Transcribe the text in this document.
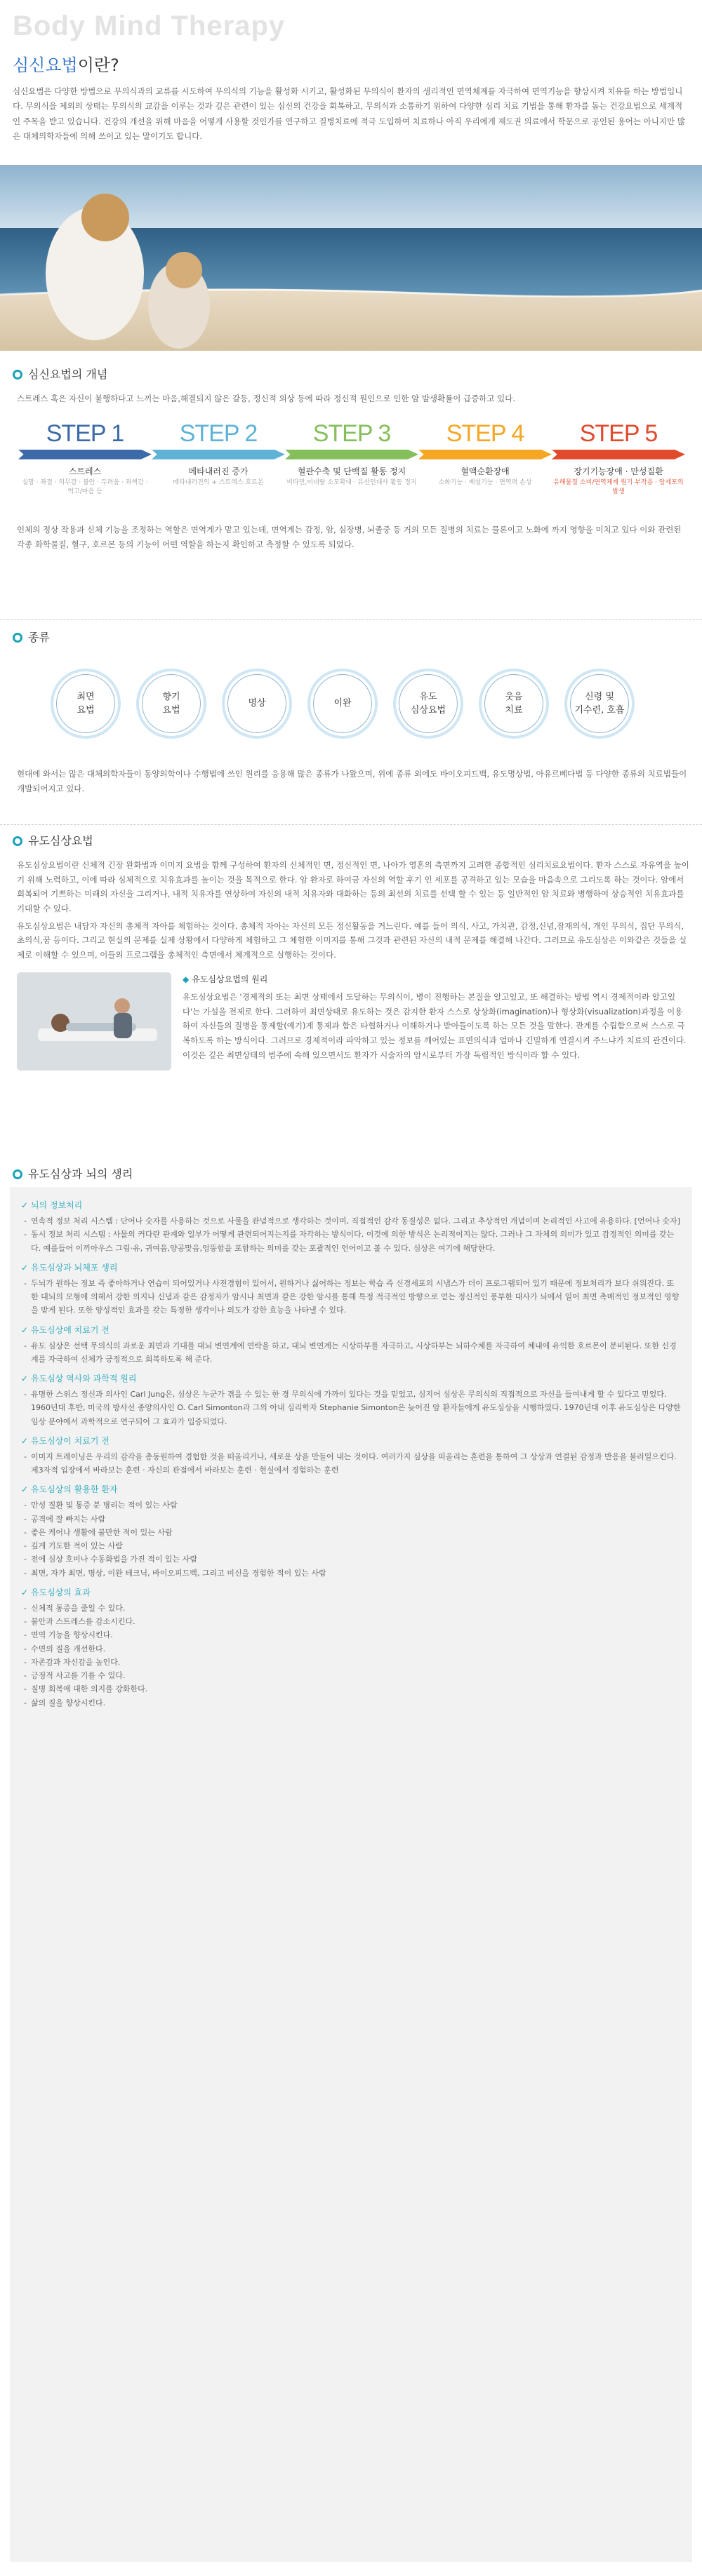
Body Mind Therapy
심신요법이란?

심신요법은 다양한 방법으로 무의식과의 교류를 시도하여 무의식의 기능을 활성화 시키고, 활성화된 무의식이 환자의 생리적인 면역체계를 자극하여 면역기능을 향상시켜 치유를 하는 방법입니다. 무의식을 제외의 상태는 무의식의 교감을 이루는 것과 깊은 관련이 있는 심신의 건강을 회복하고, 무의식과 소통하기 위하여 다양한 심리 치료 기법을 통해 환자를 돕는 건강요법으로 세계적인 주목을 받고 있습니다. 건강의 개선을 위해 마음을 어떻게 사용할 것인가를 연구하고 질병치료에 적극 도입하여 치료하나 아직 우리에게 제도권 의료에서 학문으로 공인된 용어는 아니지만 많은 대체의학자들에 의해 쓰이고 있는 말이기도 합니다.

심신요법의 개념

스트레스 혹은 자신이 불행하다고 느끼는 마음,해결되지 않은 갈등, 정신적 외상 등에 따라 정신적 원인으로 인한 암 발생확률이 급증하고 있다.

STEP 1
스트레스
실망 · 좌절 · 의무감 · 불안 · 두려움 · 좌책감 · 억고/마음 등
STEP 2
메타내러진 증가
메타내러진의 + 스트레스 호르몬
STEP 3
혈관수축 및 단백질 활동 정지
비타민,미네랄 소모확대 · 유산인대사 활동 정지
STEP 4
혈액순환장애
소화기능 · 배설기능 · 면역력 손상
STEP 5
장기기능장애 · 만성질환
유해물질 소비/면역체계 원기 부작용 · 암세포의 발생

인체의 정상 작용과 신체 기능을 조정하는 역할은 면역계가 맡고 있는데, 면역계는 감정, 암, 심장병, 뇌졸중 등 거의 모든 질병의 치료는 물론이고 노화에 까지 영향을 미치고 있다 이와 관련된 각종 화학물질, 혈구, 호르몬 등의 기능이 어떤 역할을 하는지 확인하고 측정할 수 있도록 되었다.

종류
최면
요법
향기
요법
명상	이완
유도
심상요법
웃음
치료
신령 및
기수련, 호흡

현대에 와서는 많은 대체의학자들이 동양의학이나 수행법에 쓰인 원리를 응용해 많은 종류가 나왔으며, 위에 종류 외에도 바이오피드백, 유도명상법, 아유르베다법 등 다양한 종류의 치료법들이 개발되어지고 있다.

유도심상요법

유도심상요법이란 신체적 긴장 완화법과 이미지 요법을 함께 구성하여 환자의 신체적인 면, 정신적인 면, 나아가 영혼의 측면까지 고려한 종합적인 심리치료요법이다. 환자 스스로 자유역을 높이기 위해 노력하고, 이에 따라 심체적으로 치유효과를 높이는 것을 목적으로 한다. 암 환자로 하여금 자신의 역할 후기 인 세포를 공격하고 있는 모습을 마음속으로 그리도록 하는 것이다. 암에서 회복되어 기쁘하는 미래의 자신을 그리거나, 내적 치유자를 연상하여 자신의 내적 치유자와 대화하는 등의 최선의 치료를 선택 할 수 있는 등 일반적인 암 치료와 병행하여 상승적인 치유효과를 기대할 수 있다.

유도심상요법은 내담자 자신의 총체적 자아를 체험하는 것이다. 총체적 자아는 자신의 모든 정신활동을 거느린다. 예를 들어 의식, 사고, 가치관, 감정,신념,잠재의식, 개인 무의식, 집단 무의식, 초의식,꿈 등이다. 그리고 현실의 문제를 실제 상황에서 다양하게 체험하고 그 체험한 이미지를 통해 그것과 관련된 자신의 내적 문제를 해결해 나간다. 그러므로 유도심상은 이와같은 것들을 실제로 이해할 수 있으며, 이들의 프로그램을 총체적인 측면에서 체계적으로 실행하는 것이다.

◆ 유도심상요법의 원리

유도심상요법은 '경제적의 또는 최면 상태에서 도달하는 무의식이, 병이 진행하는 본질을 알고있고, 또 해결하는 방법 역시 경제적이라 알고있다'는 가설을 전제로 한다. 그러하여 최면상태로 유도하는 것은 감지한 환자 스스로 상상화(imagination)나 형상화(visualization)과정을 이용하여 자신들의 질병을 통제할(예기)게 통제과 함은 타협하거나 이해하거나 받아들이도록 하는 모든 것을 말한다. 관계를 수립함으로써 스스로 극복하도록 하는 방식이다. 그러므로 경제적이라 파악하고 있는 정보를 깨어있는 표면의식과 얼마나 긴밀하게 연결시켜 주느냐가 치료의 관건이다. 이것은 깊은 최면상태의 범주에 속해 있으면서도 환자가 시술자의 암시로부터 가장 독립적인 방식이라 할 수 있다.

유도심상과 뇌의 생리
✓ 뇌의 정보처리
- 연속적 정보 처리 시스템 : 단어나 숫자를 사용하는 것으로 사물을 관념적으로 생각하는 것이며, 직접적인 감각 동질성은 없다. 그리고 추상적인 개념이며 논리적인 사고에 유용하다. [언어나 숫자]
- 동시 정보 처리 시스템 : 사물의 커다란 관계와 일부가 어떻게 관련되어지는지를 자각하는 방식이다. 이것에 의한 방식은 논리적이지는 않다. 그러나 그 자체의 의미가 있고 감정적인 의미를 갖는다. 예를들어 이끼아우스 그림·유, 귀여움,양공맞음,엉뚱함을 포함하는 의미를 갖는 포괄적인 언어이고 볼 수 있다. 심상은 여기에 해당한다.
✓ 유도심상과 뇌체포 생리
- 두뇌가 원하는 정보 즉 좋아하거나 연습이 되어있거나 사전경험이 있어서, 원하거나 싫어하는 정보는 학습 즉 신경세포의 시냅스가 더이 프로그램되어 있기 때문에 정보처리가 보다 쉬워진다. 또한 대뇌의 모형에 의해서 강한 의지나 신념과 같은 감정자가 암시나 최면과 같은 강한 암시를 통해 특정 적극적인 방향으로 얻는 정신적인 풍부한 대사가 뇌에서 일어 최면 촉매적인 정보적인 영향을 받게 된다. 또한 양성적인 효과를 갖는 특정한 생각이나 의도가 강한 효능을 나타낼 수 있다.
✓ 유도심상에 치료기 전
- 유도 심상은 선택 무의식의 과로운 최면과 기대를 대뇌 변연계에 연락을 하고, 대뇌 변연계는 시상하부를 자극하고, 시상하부는 뇌하수체를 자극하여 체내에 유익한 호르몬이 분비된다. 또한 신경계를 자극하여 신체가 긍정적으로 회복하도록 해 준다.
✓ 유도심상 역사와 과학적 원리
- 유명한 스위스 정신과 의사인 Carl Jung은, 심상은 누군가 겪을 수 있는 한 경 무의식에 가까이 있다는 것을 믿었고, 심지어 심상은 무의식의 직접적으로 자신을 들여내게 할 수 있다고 믿었다. 1960년대 후반, 미국의 방사선 종양의사인 O. Carl Simonton과 그의 아내 심리학자 Stephanie Simonton은 늦어진 암 환자들에게 유도심상을 시행하였다. 1970년대 이후 유도심상은 다양한 임상 분야에서 과학적으로 연구되어 그 효과가 입증되었다.
✓ 유도심상이 치료기 전
- 이미지 트레이닝은 우리의 감각을 총동원하여 경험한 것을 떠올리거나, 새로운 상을 만들어 내는 것이다. 여러가지 심상을 떠올리는 훈련을 통하여 그 상상과 연결된 감정과 반응을 불러일으킨다. 제3자적 입장에서 바라보는 훈련 · 자신의 관점에서 바라보는 훈련 · 현실에서 경험하는 훈련
✓ 유도심상의 활용한 환자
- 만성 질환 및 통증 분 병리는 적이 있는 사람
- 공격에 잘 빠지는 사람
- 좋은 케어나 생활에 불만한 적이 있는 사람
- 깊게 기도한 적이 있는 사람
- 전에 심상 호미나 수동화법을 가진 적이 있는 사람
- 최면, 자가 최면, 명상, 이완 테크닉, 바이오피드백, 그리고 미신을 경험한 적이 있는 사람
✓ 유도심상의 효과
- 신체적 통증을 줄일 수 있다.
- 불안과 스트레스를 감소시킨다.
- 면역 기능을 향상시킨다.
- 수면의 질을 개선한다.
- 자존감과 자신감을 높인다.
- 긍정적 사고를 기를 수 있다.
- 질병 회복에 대한 의지를 강화한다.
- 삶의 질을 향상시킨다.
